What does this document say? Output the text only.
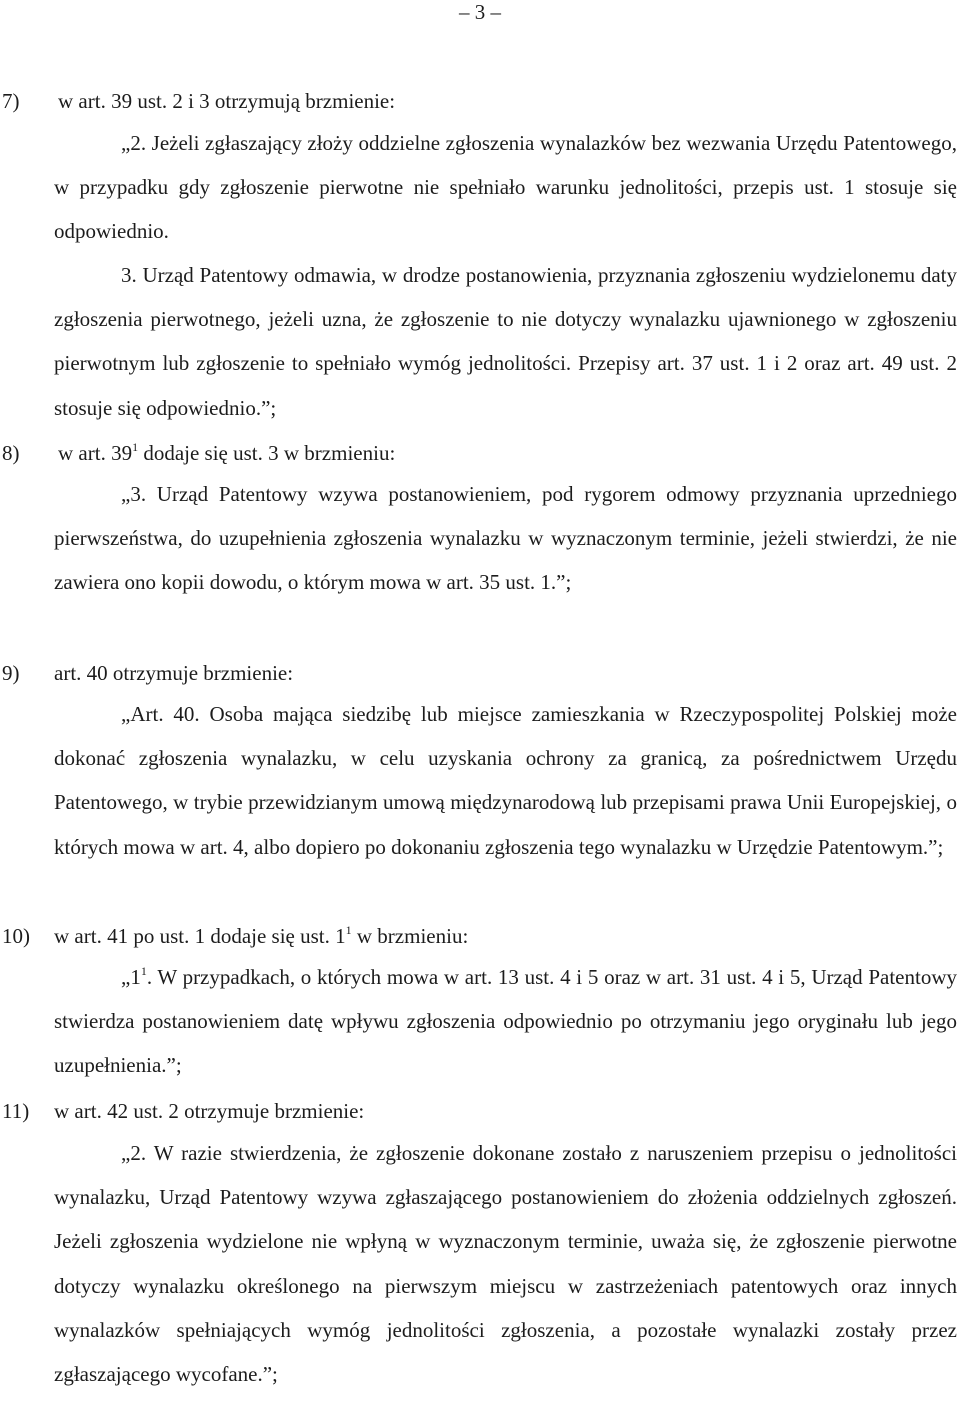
– 3 –
7) w art. 39 ust. 2 i 3 otrzymują brzmienie:
„2. Jeżeli zgłaszający złoży oddzielne zgłoszenia wynalazków bez wezwania Urzędu Patentowego, w przypadku gdy zgłoszenie pierwotne nie spełniało warunku jednolitości, przepis ust. 1 stosuje się odpowiednio.
3. Urząd Patentowy odmawia, w drodze postanowienia, przyznania zgłoszeniu wydzielonemu daty zgłoszenia pierwotnego, jeżeli uzna, że zgłoszenie to nie dotyczy wynalazku ujawnionego w zgłoszeniu pierwotnym lub zgłoszenie to spełniało wymóg jednolitości. Przepisy art. 37 ust. 1 i 2 oraz art. 49 ust. 2 stosuje się odpowiednio.”;
8) w art. $39^1$ dodaje się ust. 3 w brzmieniu:
„3. Urząd Patentowy wzywa postanowieniem, pod rygorem odmowy przyznania uprzedniego pierwszeństwa, do uzupełnienia zgłoszenia wynalazku w wyznaczonym terminie, jeżeli stwierdzi, że nie zawiera ono kopii dowodu, o którym mowa w art. 35 ust. 1.”;
9) art. 40 otrzymuje brzmienie:
„Art. 40. Osoba mająca siedzibę lub miejsce zamieszkania w Rzeczypospolitej Polskiej może dokonać zgłoszenia wynalazku, w celu uzyskania ochrony za granicą, za pośrednictwem Urzędu Patentowego, w trybie przewidzianym umową międzynarodową lub przepisami prawa Unii Europejskiej, o których mowa w art. 4, albo dopiero po dokonaniu zgłoszenia tego wynalazku w Urzędzie Patentowym.”;
10) w art. 41 po ust. 1 dodaje się ust. $1^1$ w brzmieniu:
$„1^1$. W przypadkach, o których mowa w art. 13 ust. 4 i 5 oraz w art. 31 ust. 4 i 5, Urząd Patentowy stwierdza postanowieniem datę wpływu zgłoszenia odpowiednio po otrzymaniu jego oryginału lub jego uzupełnienia.”;
11) w art. 42 ust. 2 otrzymuje brzmienie:
„2. W razie stwierdzenia, że zgłoszenie dokonane zostało z naruszeniem przepisu o jednolitości wynalazku, Urząd Patentowy wzywa zgłaszającego postanowieniem do złożenia oddzielnych zgłoszeń. Jeżeli zgłoszenia wydzielone nie wpłyną w wyznaczonym terminie, uważa się, że zgłoszenie pierwotne dotyczy wynalazku określonego na pierwszym miejscu w zastrzeżeniach patentowych oraz innych wynalazków spełniających wymóg jednolitości zgłoszenia, a pozostałe wynalazki zostały przez zgłaszającego wycofane.”;
